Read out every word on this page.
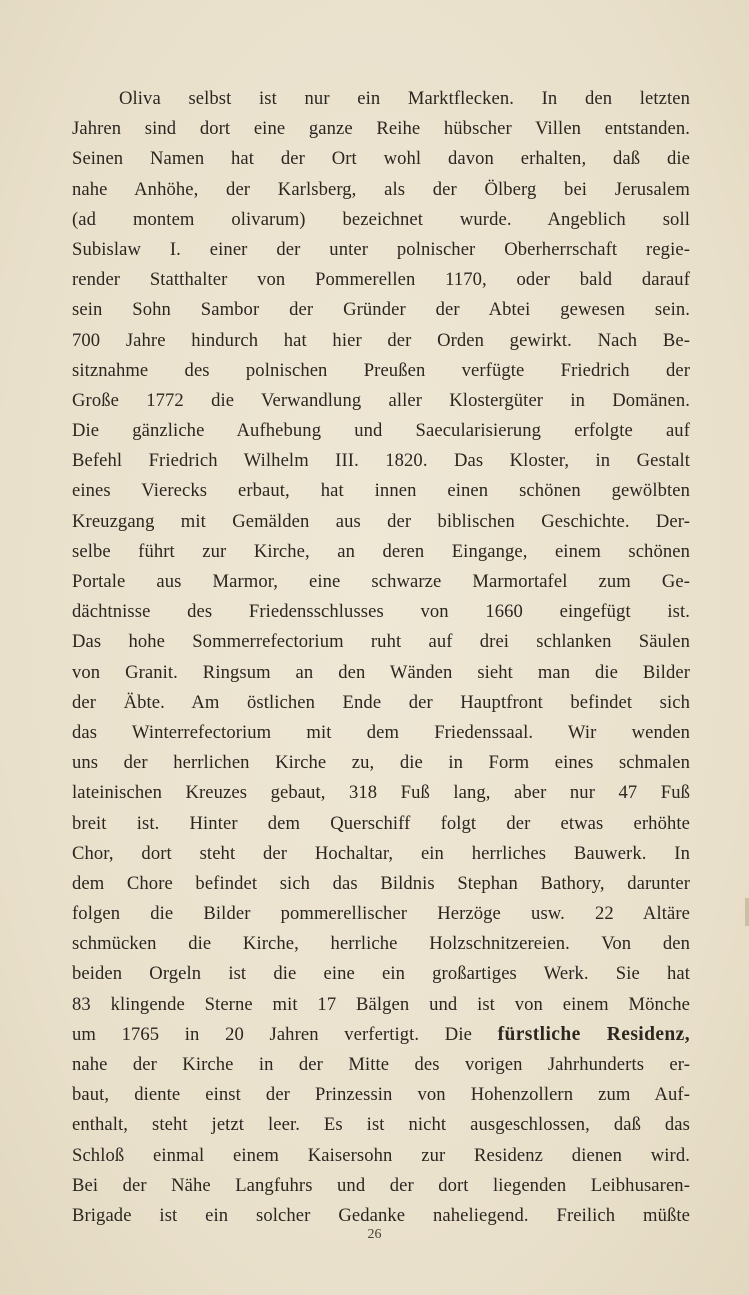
Oliva selbst ist nur ein Marktflecken. In den letzten
Jahren sind dort eine ganze Reihe hübscher Villen entstanden.
Seinen Namen hat der Ort wohl davon erhalten, daß die
nahe Anhöhe, der Karlsberg, als der Ölberg bei Jerusalem
(ad montem olivarum) bezeichnet wurde. Angeblich soll
Subislaw I. einer der unter polnischer Oberherrschaft regie-
render Statthalter von Pommerellen 1170, oder bald darauf
sein Sohn Sambor der Gründer der Abtei gewesen sein.
700 Jahre hindurch hat hier der Orden gewirkt. Nach Be-
sitznahme des polnischen Preußen verfügte Friedrich der
Große 1772 die Verwandlung aller Klostergüter in Domänen.
Die gänzliche Aufhebung und Saecularisierung erfolgte auf
Befehl Friedrich Wilhelm III. 1820. Das Kloster, in Gestalt
eines Vierecks erbaut, hat innen einen schönen gewölbten
Kreuzgang mit Gemälden aus der biblischen Geschichte. Der-
selbe führt zur Kirche, an deren Eingange, einem schönen
Portale aus Marmor, eine schwarze Marmortafel zum Ge-
dächtnisse des Friedensschlusses von 1660 eingefügt ist.
Das hohe Sommerrefectorium ruht auf drei schlanken Säulen
von Granit. Ringsum an den Wänden sieht man die Bilder
der Äbte. Am östlichen Ende der Hauptfront befindet sich
das Winterrefectorium mit dem Friedenssaal. Wir wenden
uns der herrlichen Kirche zu, die in Form eines schmalen
lateinischen Kreuzes gebaut, 318 Fuß lang, aber nur 47 Fuß
breit ist. Hinter dem Querschiff folgt der etwas erhöhte
Chor, dort steht der Hochaltar, ein herrliches Bauwerk. In
dem Chore befindet sich das Bildnis Stephan Bathory, darunter
folgen die Bilder pommerellischer Herzöge usw. 22 Altäre
schmücken die Kirche, herrliche Holzschnitzereien. Von den
beiden Orgeln ist die eine ein großartiges Werk. Sie hat
83 klingende Sterne mit 17 Bälgen und ist von einem Mönche
um 1765 in 20 Jahren verfertigt. Die fürstliche Residenz,
nahe der Kirche in der Mitte des vorigen Jahrhunderts er-
baut, diente einst der Prinzessin von Hohenzollern zum Auf-
enthalt, steht jetzt leer. Es ist nicht ausgeschlossen, daß das
Schloß einmal einem Kaisersohn zur Residenz dienen wird.
Bei der Nähe Langfuhrs und der dort liegenden Leibhusaren-
Brigade ist ein solcher Gedanke naheliegend. Freilich müßte
26
